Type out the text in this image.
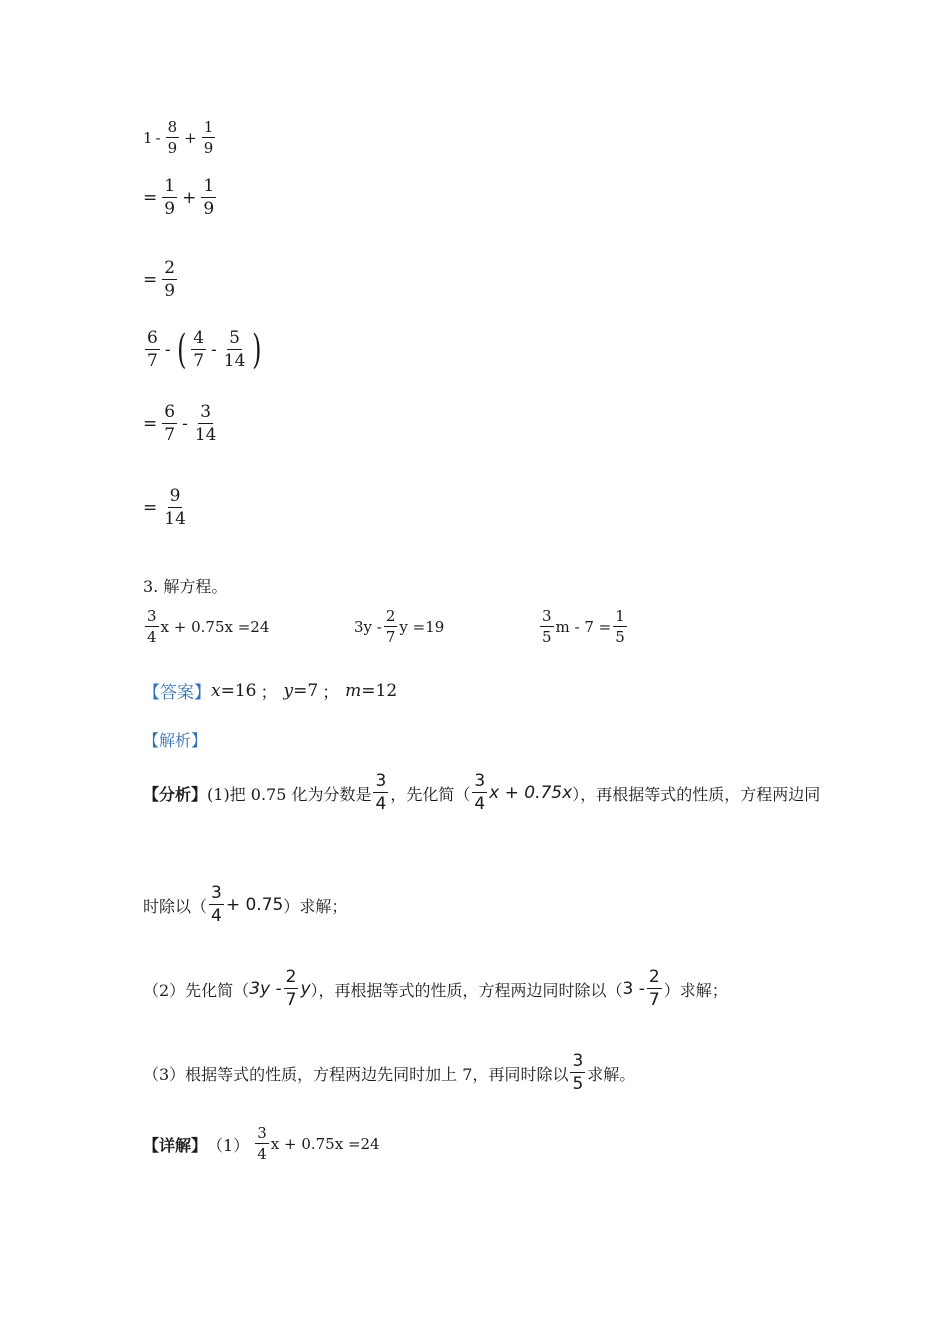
$1 - \frac{8}{9} + \frac{1}{9}$
= $\frac{1}{9} + \frac{1}{9}$
= $\frac{2}{9}$
$\frac{6}{7}$ - ( $\frac{4}{7} - \frac{5}{14}$ )
= $\frac{6}{7} - \frac{3}{14}$
= $\frac{9}{14}$
3. 解方程。
$\frac{3}{4}$ x + 0.75x =24	$3y - \frac{2}{7}$ y =19	$\frac{3}{5}$ $m - 7 = \frac{1}{5}$
【答案】 x =16 ； y =7 ； m =12
【解析】
【分析】 (1)把 0.75 化为分数是 $\frac{3}{4}$ ，先化简（ $\frac{3}{4}$ x + 0.75x ），再根据等式的性质，方程两边同
时除以（ $\frac{3}{4} + 0.75$ ）求解；
（2）先化简（ $3y - \frac{2}{7}$ y ），再根据等式的性质，方程两边同时除以（ $3 - \frac{2}{7}$ ）求解；
（3）根据等式的性质，方程两边先同时加上 7，再同时除以 $\frac{3}{5}$ 求解。
【详解】 $(1) \frac{3}{4}$ x + 0.75x =24
